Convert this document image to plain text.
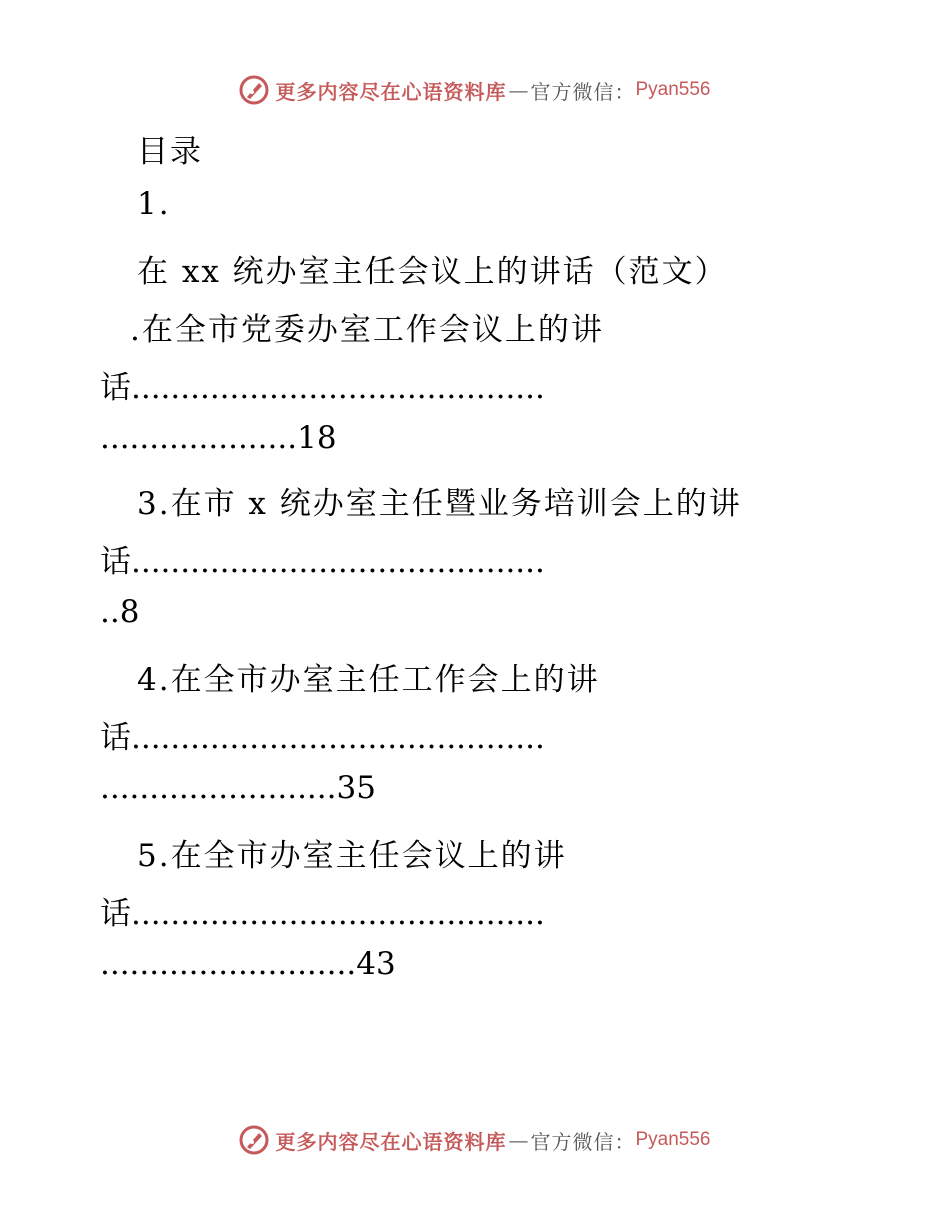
更多内容尽在心语资料库 — 官方微信： Pyan556
目录
1.
在 xx 统办室主任会议上的讲话（范文）
.在全市党委办室工作会议上的讲
话..........................................
....................18
3.在市 x 统办室主任暨业务培训会上的讲
话..........................................
..8
4.在全市办室主任工作会上的讲
话..........................................
........................35
5.在全市办室主任会议上的讲
话..........................................
..........................43
更多内容尽在心语资料库 — 官方微信： Pyan556
